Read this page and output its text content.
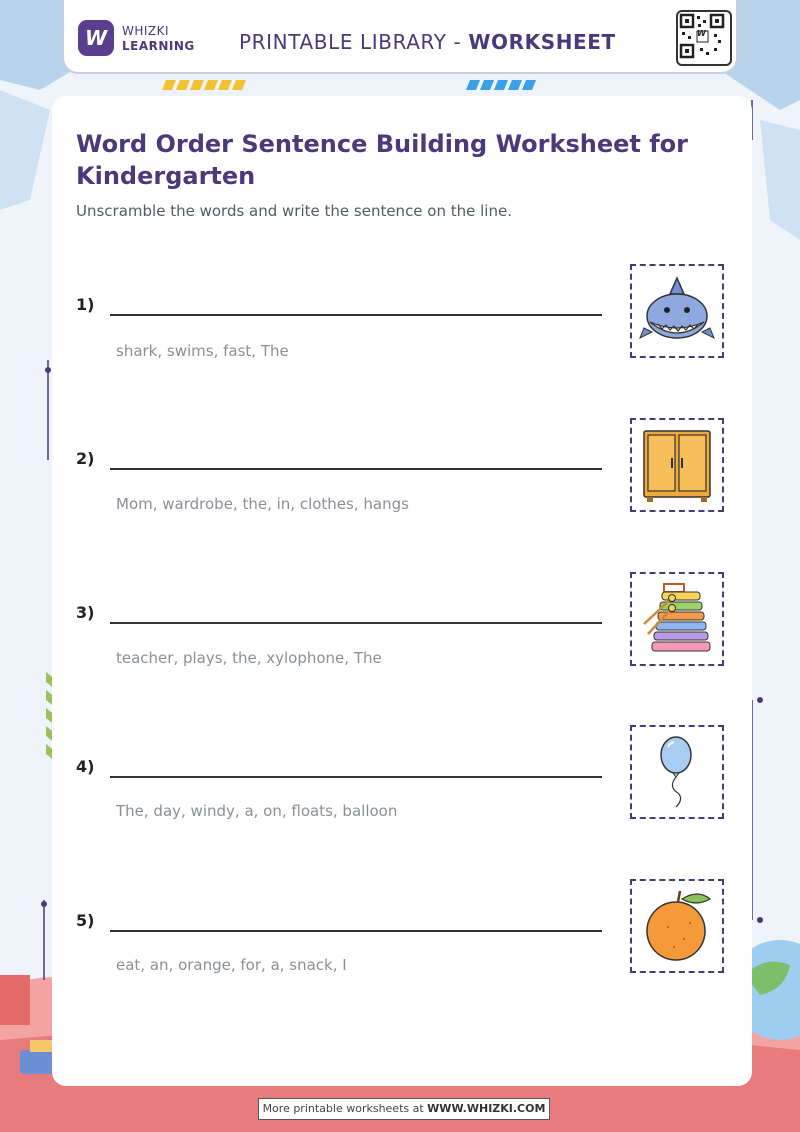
W WHIZKI
LEARNING PRINTABLE LIBRARY - WORKSHEET	W
Word Order Sentence Building Worksheet for Kindergarten
Unscramble the words and write the sentence on the line.
1)
shark, swims, fast, The
2)
Mom, wardrobe, the, in, clothes, hangs
3)
teacher, plays, the, xylophone, The
4)
The, day, windy, a, on, floats, balloon
5)
eat, an, orange, for, a, snack, I
More printable worksheets at WWW.WHIZKI.COM
